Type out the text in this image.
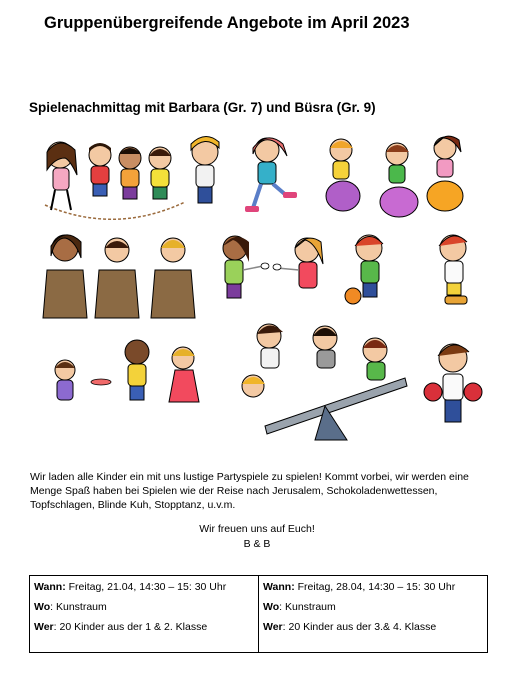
Gruppenübergreifende Angebote im April 2023
Spielenachmittag mit Barbara (Gr. 7) und Büsra (Gr. 9)

Wir laden alle Kinder ein mit uns lustige Partyspiele zu spielen! Kommt vorbei, wir werden eine Menge Spaß haben bei Spielen wie der Reise nach Jerusalem, Schokoladenwettessen, Topfschlagen, Blinde Kuh, Stopptanz, u.v.m.

Wir freuen uns auf Euch!

B & B

Wann: Freitag, 21.04, 14:30 – 15: 30 Uhr
Wo: Kunstraum
Wer: 20 Kinder aus der 1 & 2. Klasse

Wann: Freitag, 28.04, 14:30 – 15: 30 Uhr
Wo: Kunstraum
Wer: 20 Kinder aus der 3.& 4. Klasse
